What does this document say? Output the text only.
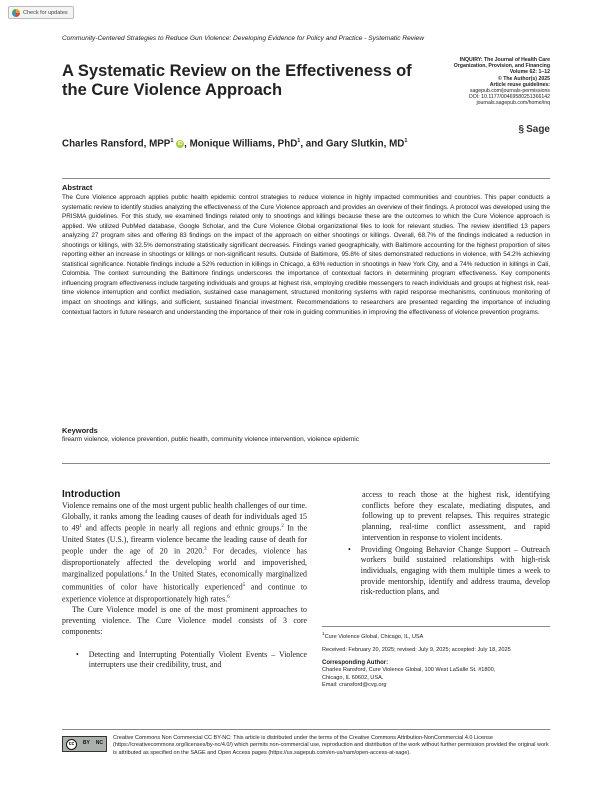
Check for updates
Community-Centered Strategies to Reduce Gun Violence: Developing Evidence for Policy and Practice - Systematic Review
A Systematic Review on the Effectiveness of the Cure Violence Approach
INQUIRY: The Journal of Health Care
Organization, Provision, and Financing
Volume 62: 1–12
© The Author(s) 2025
Article reuse guidelines:
sagepub.com/journals-permissions
DOI: 10.1177/00469580251366142
journals.sagepub.com/home/inq
§ Sage
Charles Ransford, MPP$^1$ iD , Monique Williams, PhD$^1$, and Gary Slutkin, $MD^1$
Abstract

The Cure Violence approach applies public health epidemic control strategies to reduce violence in highly impacted communities and countries. This paper conducts a systematic review to identify studies analyzing the effectiveness of the Cure Violence approach and provides an overview of their findings. A protocol was developed using the PRISMA guidelines. For this study, we examined findings related only to shootings and killings because these are the outcomes to which the Cure Violence approach is applied. We utilized PubMed database, Google Scholar, and the Cure Violence Global organizational files to look for relevant studies. The review identified 13 papers analyzing 27 program sites and offering 83 findings on the impact of the approach on either shootings or killings. Overall, 68.7% of the findings indicated a reduction in shootings or killings, with 32.5% demonstrating statistically significant decreases. Findings varied geographically, with Baltimore accounting for the highest proportion of sites reporting either an increase in shootings or killings or non-significant results. Outside of Baltimore, 95.8% of sites demonstrated reductions in violence, with 54.2% achieving statistical significance. Notable findings include a 52% reduction in killings in Chicago, a 63% reduction in shootings in New York City, and a 74% reduction in killings in Cali, Colombia. The context surrounding the Baltimore findings underscores the importance of contextual factors in determining program effectiveness. Key components influencing program effectiveness include targeting individuals and groups at highest risk, employing credible messengers to reach individuals and groups at highest risk, real-time violence interruption and conflict mediation, sustained case management, structured monitoring systems with rapid response mechanisms, continuous monitoring of impact on shootings and killings, and sufficient, sustained financial investment. Recommendations to researchers are presented regarding the importance of including contextual factors in future research and understanding the importance of their role in guiding communities in improving the effectiveness of violence prevention programs.

Keywords
firearm violence, violence prevention, public health, community violence intervention, violence epidemic
Introduction

Violence remains one of the most urgent public health challenges of our time. Globally, it ranks among the leading causes of death for individuals aged 15 to $49^1$ and affects people in nearly all regions and ethnic groups.$^2$ In the United States (U.S.), firearm violence became the leading cause of death for people under the age of 20 in 2020.$^3$ For decades, violence has disproportionately affected the developing world and impoverished, marginalized populations.$^4$ In the United States, economically marginalized communities of color have historically experienced$^5$ and continue to experience violence at disproportionately high rates.$^6$

The Cure Violence model is one of the most prominent approaches to preventing violence. The Cure Violence model consists of 3 core components:

• Detecting and Interrupting Potentially Violent Events – Violence interrupters use their credibility, trust, and
access to reach those at the highest risk, identifying conflicts before they escalate, mediating disputes, and following up to prevent relapses. This requires strategic planning, real-time conflict assessment, and rapid intervention in response to violent incidents.
• Providing Ongoing Behavior Change Support – Outreach workers build sustained relationships with high-risk individuals, engaging with them multiple times a week to provide mentorship, identify and address trauma, develop risk-reduction plans, and
$^1$Cure Violence Global, Chicago, IL, USA
Received: February 20, 2025; revised: July 9, 2025; accepted: July 18, 2025
Corresponding Author:
Charles Ransford, Cure Violence Global, 100 West LaSalle St. #1800,
Chicago, IL 60602, USA.
Email: cransford@cvg.org
cc	BY NC
Creative Commons Non Commercial CC BY-NC: This article is distributed under the terms of the Creative Commons Attribution-NonCommercial 4.0 License (https://creativecommons.org/licenses/by-nc/4.0/) which permits non-commercial use, reproduction and distribution of the work without further permission provided the original work is attributed as specified on the SAGE and Open Access pages (https://us.sagepub.com/en-us/nam/open-access-at-sage).
